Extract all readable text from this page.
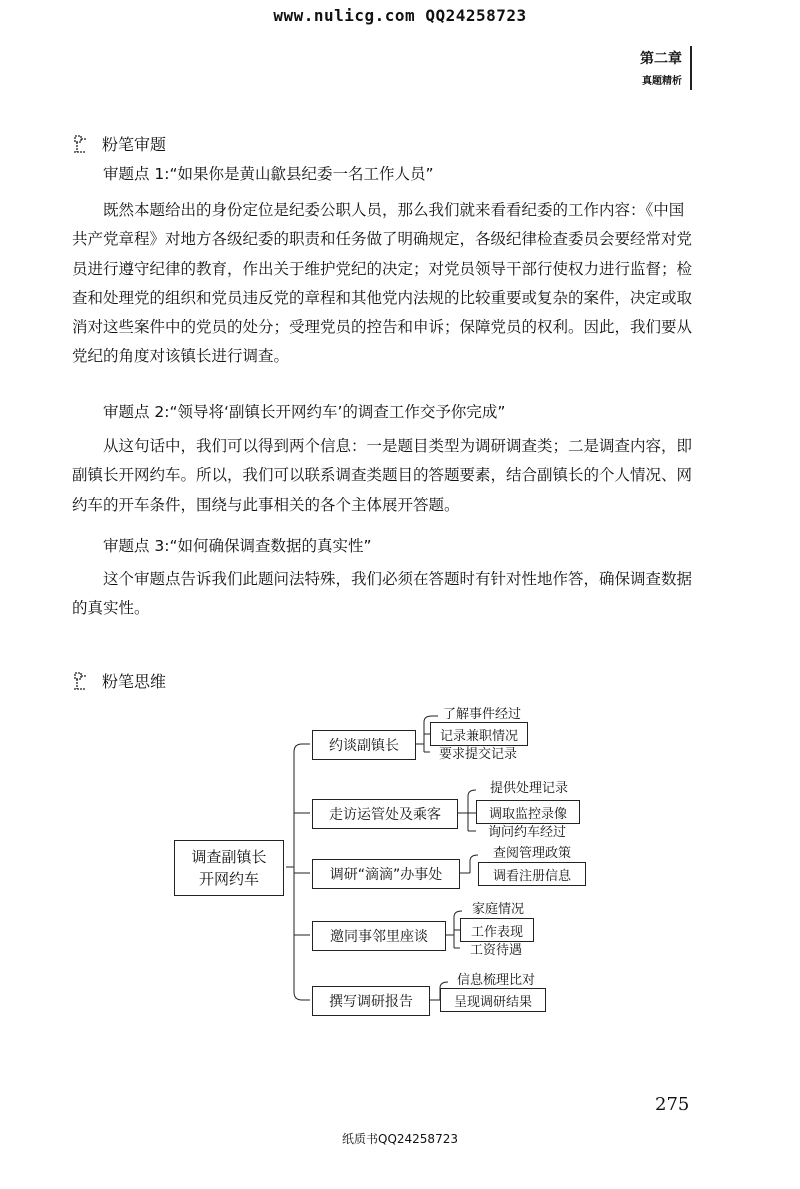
www.nulicg.com QQ24258723
第二章
真题精析
粉笔审题
审题点 1:“如果你是黄山歙县纪委一名工作人员”
既然本题给出的身份定位是纪委公职人员，那么我们就来看看纪委的工作内容：《中国共产党章程》对地方各级纪委的职责和任务做了明确规定，各级纪律检查委员会要经常对党员进行遵守纪律的教育，作出关于维护党纪的决定；对党员领导干部行使权力进行监督；检查和处理党的组织和党员违反党的章程和其他党内法规的比较重要或复杂的案件，决定或取消对这些案件中的党员的处分；受理党员的控告和申诉；保障党员的权利。因此，我们要从党纪的角度对该镇长进行调查。
审题点 2:“领导将‘副镇长开网约车’的调查工作交予你完成”
从这句话中，我们可以得到两个信息：一是题目类型为调研调查类；二是调查内容，即副镇长开网约车。所以，我们可以联系调查类题目的答题要素，结合副镇长的个人情况、网约车的开车条件，围绕与此事相关的各个主体展开答题。
审题点 3:“如何确保调查数据的真实性”
这个审题点告诉我们此题问法特殊，我们必须在答题时有针对性地作答，确保调查数据的真实性。
粉笔思维
调查副镇长开网约车
约谈副镇长
了解事件经过
记录兼职情况
要求提交记录
走访运管处及乘客
提供处理记录
调取监控录像
询问约车经过
调研“滴滴”办事处
查阅管理政策
调看注册信息
邀同事邻里座谈
家庭情况
工作表现
工资待遇
撰写调研报告
信息梳理比对
呈现调研结果
275
纸质书QQ24258723
